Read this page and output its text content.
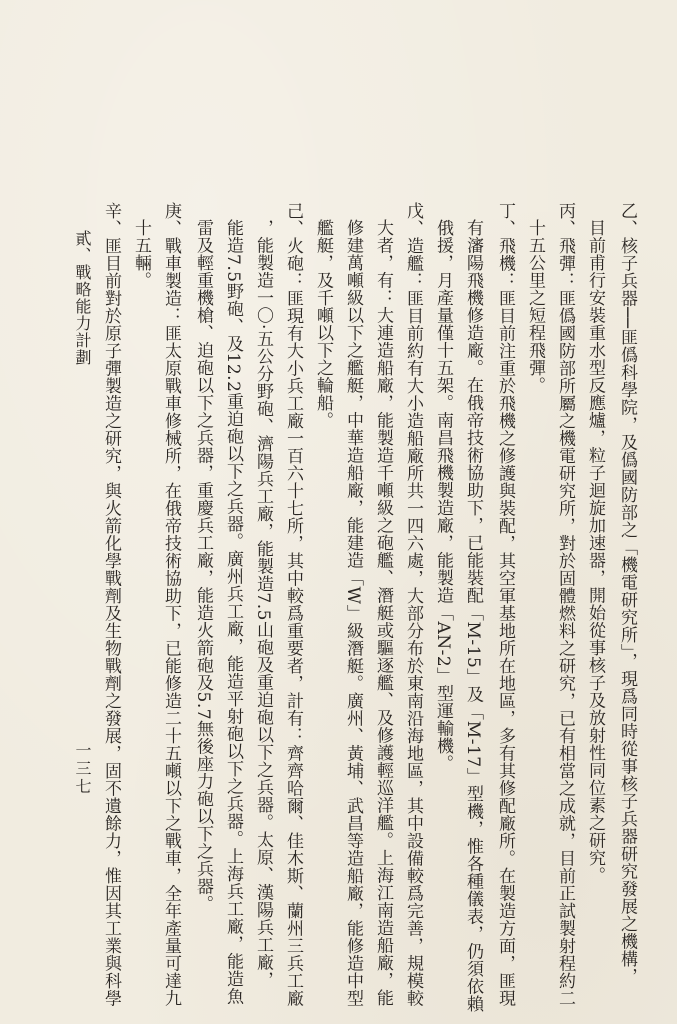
乙、核子兵器──匪僞科學院，及僞國防部之「機電研究所」，現爲同時從事核子兵器研究發展之機構，
目前甫行安裝重水型反應爐，粒子迴旋加速器，開始從事核子及放射性同位素之研究。
丙、飛彈：匪僞國防部所屬之機電研究所，對於固體燃料之研究，已有相當之成就，目前正試製射程約二
十五公里之短程飛彈。
丁、飛機：匪目前注重於飛機之修護與裝配，其空軍基地所在地區，多有其修配廠所。在製造方面，匪現
有瀋陽飛機修造廠。在俄帝技術協助下，已能裝配「M-15」及「M-17」型機，惟各種儀表，仍須依賴
俄援，月產量僅十五架。南昌飛機製造廠，能製造「AN-2」型運輸機。
戊、造艦：匪目前約有大小造船廠所共一四六處，大部分布於東南沿海地區，其中設備較爲完善，規模較
大者，有：大連造船廠，能製造千噸級之砲艦、潛艇或驅逐艦、及修護輕巡洋艦。上海江南造船廠，能
修建萬噸級以下之艦艇，中華造船廠，能建造「W」級潛艇。廣州、黃埔、武昌等造船廠，能修造中型
艦艇，及千噸以下之輪船。
己、火砲：匪現有大小兵工廠一百六十七所，其中較爲重要者，計有：齊齊哈爾、佳木斯、蘭州三兵工廠
，能製造一〇·五公分野砲、濟陽兵工廠，能製造7.5山砲及重迫砲以下之兵器。太原、漢陽兵工廠，
能造7.5野砲、及12.2重迫砲以下之兵器。廣州兵工廠，能造平射砲以下之兵器。上海兵工廠，能造魚
雷及輕重機槍、迫砲以下之兵器，重慶兵工廠，能造火箭砲及5.7無後座力砲以下之兵器。
庚、戰車製造：匪太原戰車修械所，在俄帝技術協助下，已能修造二十五噸以下之戰車，全年產量可達九
十五輛。
辛、匪目前對於原子彈製造之研究，與火箭化學戰劑及生物戰劑之發展，固不遺餘力，惟因其工業與科學
貳、戰略能力計劃
一三七
